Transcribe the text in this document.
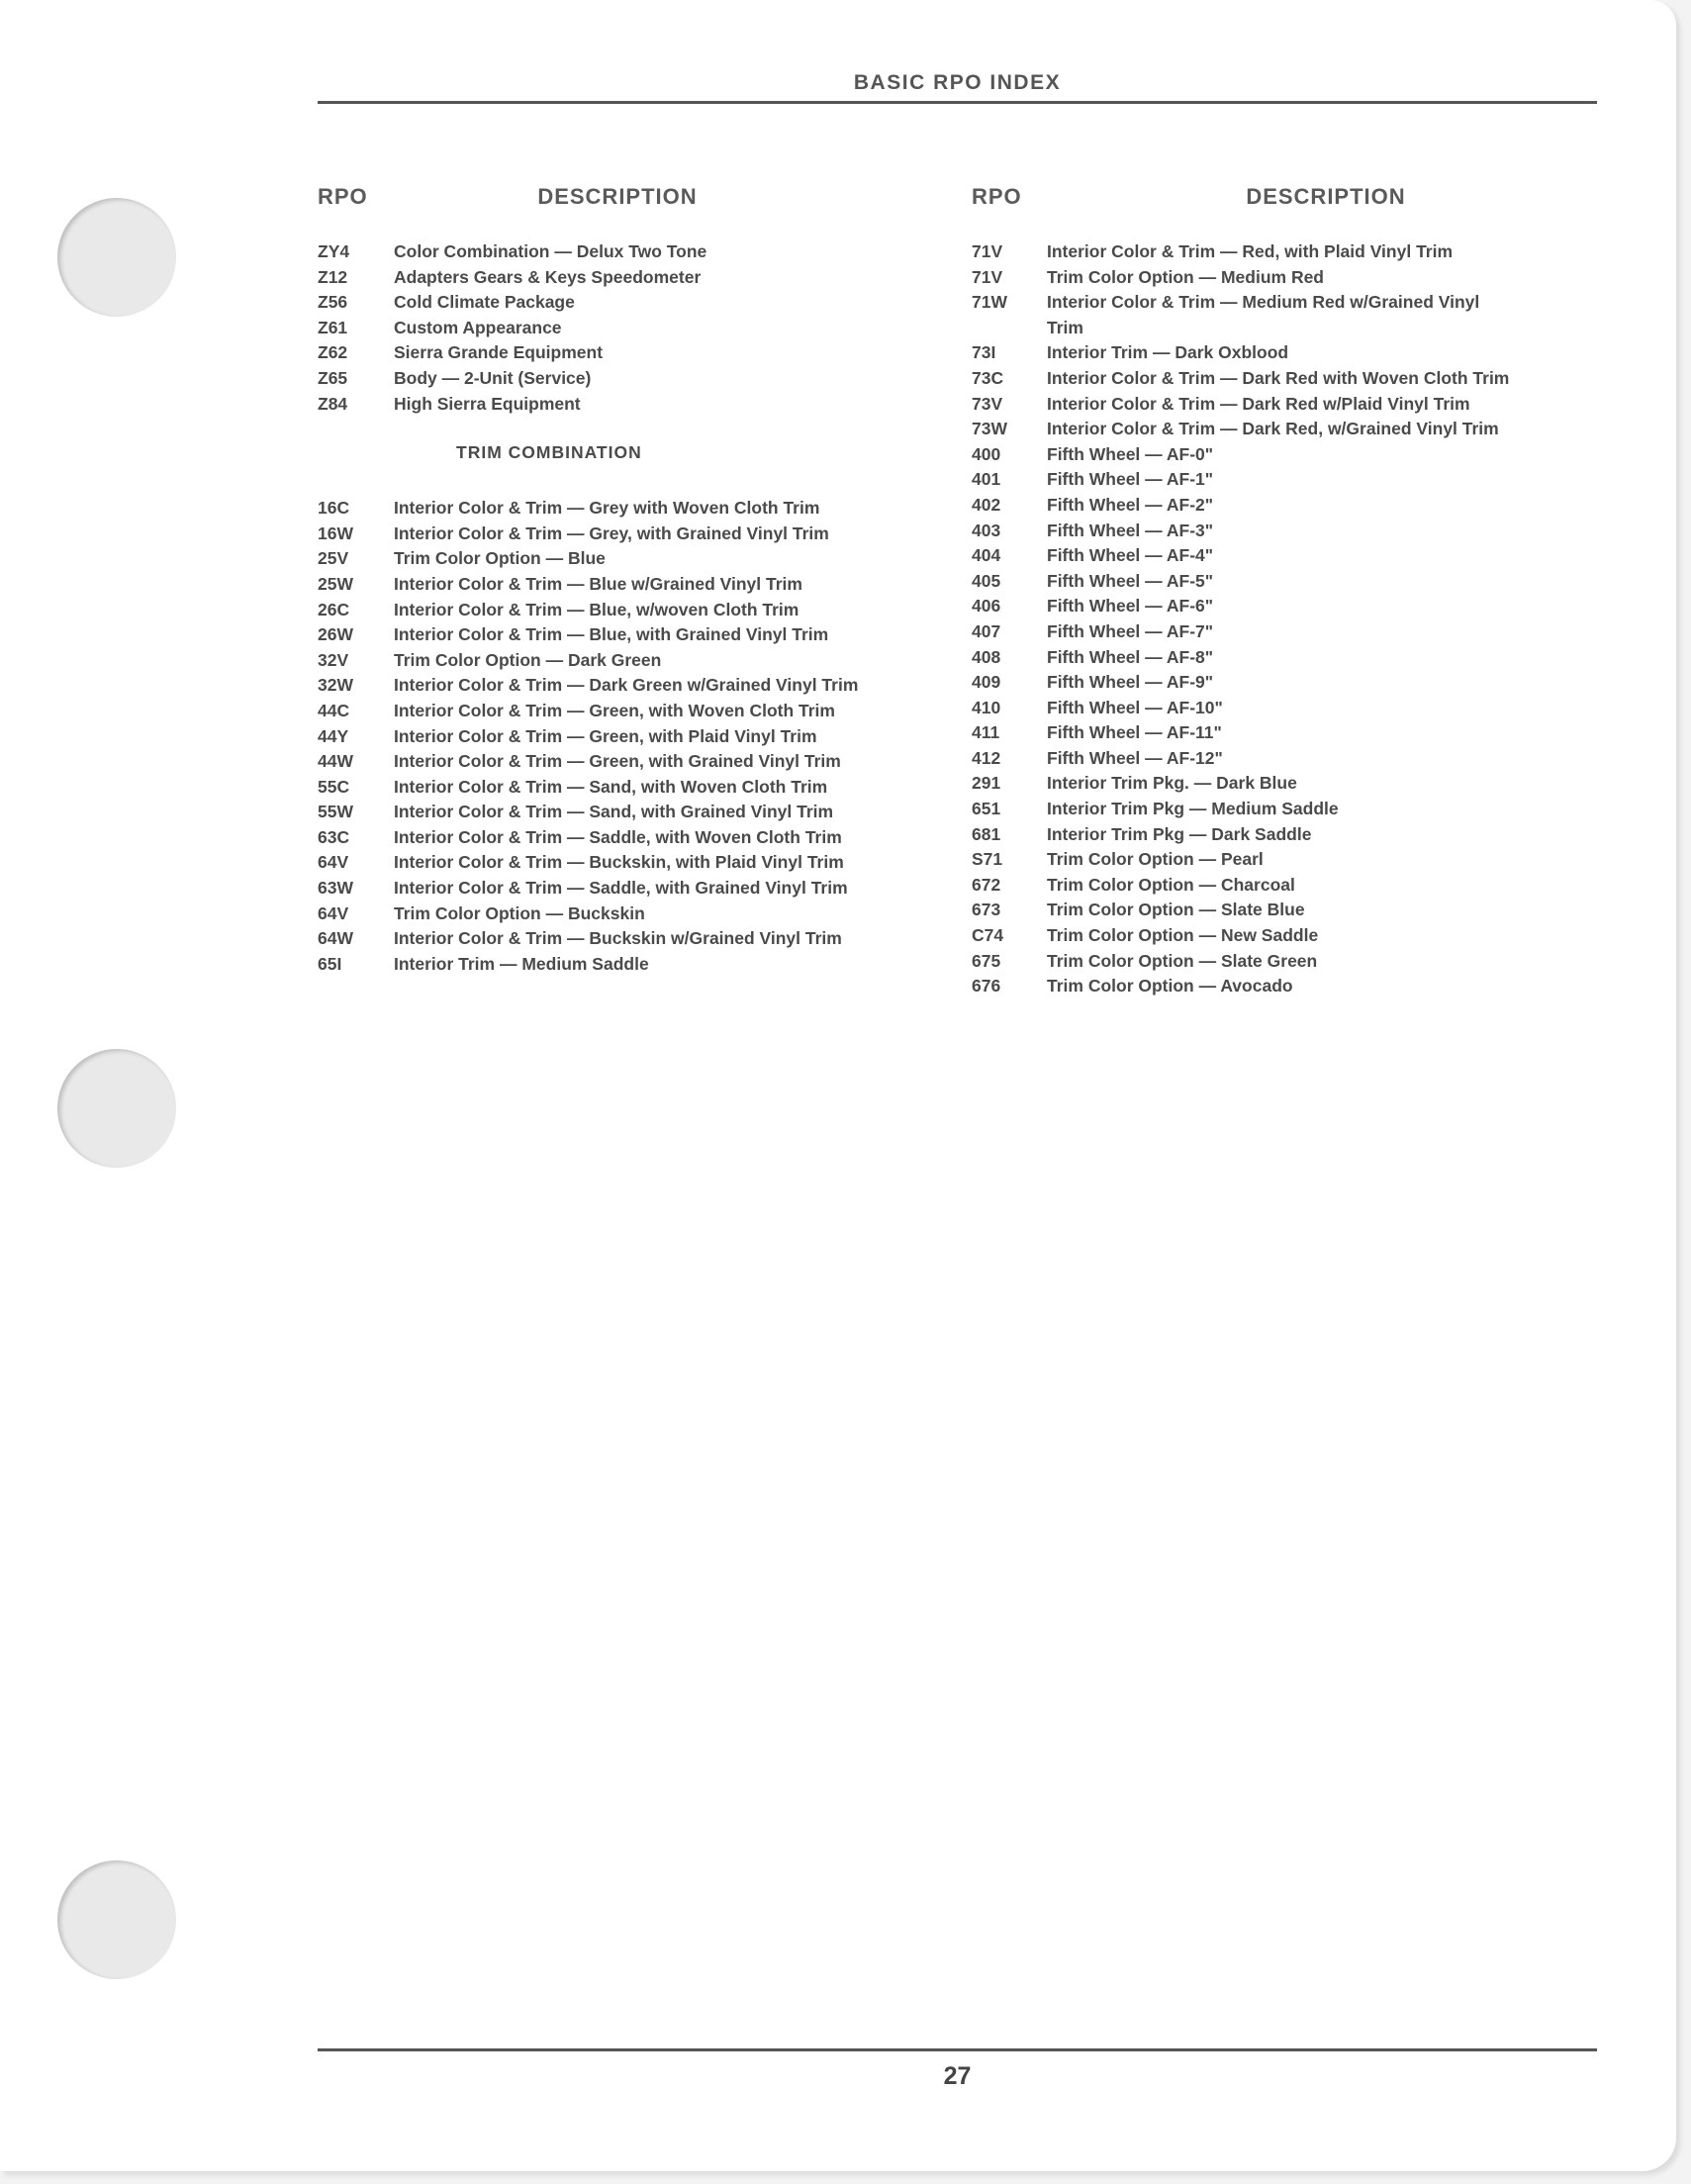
BASIC RPO INDEX
RPO	DESCRIPTION
ZY4	Color Combination — Delux Two Tone
Z12	Adapters Gears & Keys Speedometer
Z56	Cold Climate Package
Z61	Custom Appearance
Z62	Sierra Grande Equipment
Z65	Body — 2-Unit (Service)
Z84	High Sierra Equipment
TRIM COMBINATION
16C	Interior Color & Trim — Grey with Woven Cloth Trim
16W	Interior Color & Trim — Grey, with Grained Vinyl Trim
25V	Trim Color Option — Blue
25W	Interior Color & Trim — Blue w/Grained Vinyl Trim
26C	Interior Color & Trim — Blue, w/woven Cloth Trim
26W	Interior Color & Trim — Blue, with Grained Vinyl Trim
32V	Trim Color Option — Dark Green
32W	Interior Color & Trim — Dark Green w/Grained Vinyl Trim
44C	Interior Color & Trim — Green, with Woven Cloth Trim
44Y	Interior Color & Trim — Green, with Plaid Vinyl Trim
44W	Interior Color & Trim — Green, with Grained Vinyl Trim
55C	Interior Color & Trim — Sand, with Woven Cloth Trim
55W	Interior Color & Trim — Sand, with Grained Vinyl Trim
63C	Interior Color & Trim — Saddle, with Woven Cloth Trim
64V	Interior Color & Trim — Buckskin, with Plaid Vinyl Trim
63W	Interior Color & Trim — Saddle, with Grained Vinyl Trim
64V	Trim Color Option — Buckskin
64W	Interior Color & Trim — Buckskin w/Grained Vinyl Trim
65I	Interior Trim — Medium Saddle
RPO	DESCRIPTION
71V	Interior Color & Trim — Red, with Plaid Vinyl Trim
71V	Trim Color Option — Medium Red
71W	Interior Color & Trim — Medium Red w/Grained Vinyl
Trim
73I	Interior Trim — Dark Oxblood
73C	Interior Color & Trim — Dark Red with Woven Cloth Trim
73V	Interior Color & Trim — Dark Red w/Plaid Vinyl Trim
73W	Interior Color & Trim — Dark Red, w/Grained Vinyl Trim
400	Fifth Wheel — AF-0"
401	Fifth Wheel — AF-1"
402	Fifth Wheel — AF-2"
403	Fifth Wheel — AF-3"
404	Fifth Wheel — AF-4"
405	Fifth Wheel — AF-5"
406	Fifth Wheel — AF-6"
407	Fifth Wheel — AF-7"
408	Fifth Wheel — AF-8"
409	Fifth Wheel — AF-9"
410	Fifth Wheel — AF-10"
411	Fifth Wheel — AF-11"
412	Fifth Wheel — AF-12"
291	Interior Trim Pkg. — Dark Blue
651	Interior Trim Pkg — Medium Saddle
681	Interior Trim Pkg — Dark Saddle
S71	Trim Color Option — Pearl
672	Trim Color Option — Charcoal
673	Trim Color Option — Slate Blue
C74	Trim Color Option — New Saddle
675	Trim Color Option — Slate Green
676	Trim Color Option — Avocado
27
